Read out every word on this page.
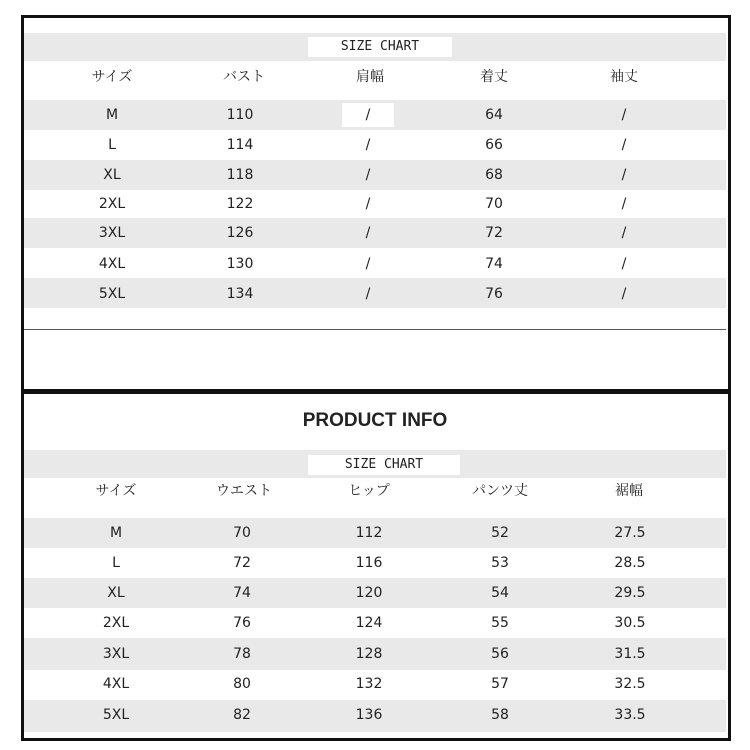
SIZE CHART
サイズ	バスト	肩幅	着丈	袖丈
M	110	/	64	/
L	114	/	66	/
XL	118	/	68	/
2XL	122	/	70	/
3XL	126	/	72	/
4XL	130	/	74	/
5XL	134	/	76	/
PRODUCT INFO
SIZE CHART
サイズ	ウエスト	ヒップ	パンツ丈	裾幅
M	70	112	52	27.5
L	72	116	53	28.5
XL	74	120	54	29.5
2XL	76	124	55	30.5
3XL	78	128	56	31.5
4XL	80	132	57	32.5
5XL	82	136	58	33.5
